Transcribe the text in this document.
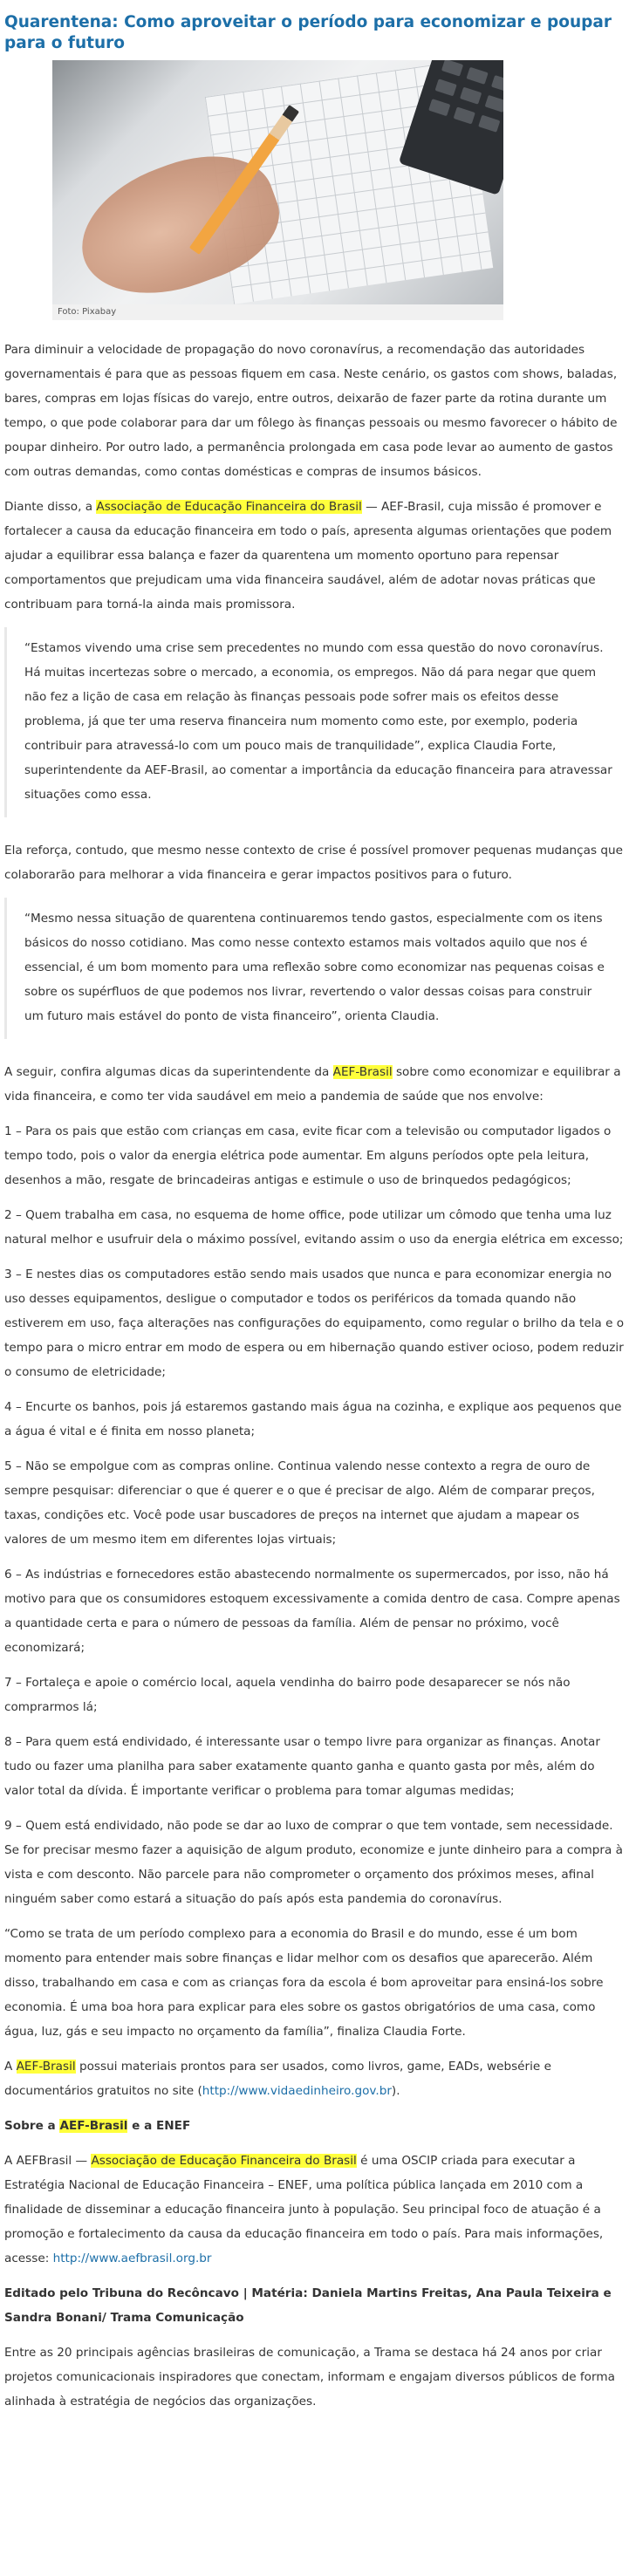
Quarentena: Como aproveitar o período para economizar e poupar para o futuro
Foto: Pixabay

Para diminuir a velocidade de propagação do novo coronavírus, a recomendação das autoridades governamentais é para que as pessoas fiquem em casa. Neste cenário, os gastos com shows, baladas, bares, compras em lojas físicas do varejo, entre outros, deixarão de fazer parte da rotina durante um tempo, o que pode colaborar para dar um fôlego às finanças pessoais ou mesmo favorecer o hábito de poupar dinheiro. Por outro lado, a permanência prolongada em casa pode levar ao aumento de gastos com outras demandas, como contas domésticas e compras de insumos básicos.

Diante disso, a Associação de Educação Financeira do Brasil — AEF-Brasil, cuja missão é promover e fortalecer a causa da educação financeira em todo o país, apresenta algumas orientações que podem ajudar a equilibrar essa balança e fazer da quarentena um momento oportuno para repensar comportamentos que prejudicam uma vida financeira saudável, além de adotar novas práticas que contribuam para torná-la ainda mais promissora.

“Estamos vivendo uma crise sem precedentes no mundo com essa questão do novo coronavírus. Há muitas incertezas sobre o mercado, a economia, os empregos. Não dá para negar que quem não fez a lição de casa em relação às finanças pessoais pode sofrer mais os efeitos desse problema, já que ter uma reserva financeira num momento como este, por exemplo, poderia contribuir para atravessá-lo com um pouco mais de tranquilidade”, explica Claudia Forte, superintendente da AEF-Brasil, ao comentar a importância da educação financeira para atravessar situações como essa.

Ela reforça, contudo, que mesmo nesse contexto de crise é possível promover pequenas mudanças que colaborarão para melhorar a vida financeira e gerar impactos positivos para o futuro.

“Mesmo nessa situação de quarentena continuaremos tendo gastos, especialmente com os itens básicos do nosso cotidiano. Mas como nesse contexto estamos mais voltados aquilo que nos é essencial, é um bom momento para uma reflexão sobre como economizar nas pequenas coisas e sobre os supérfluos de que podemos nos livrar, revertendo o valor dessas coisas para construir um futuro mais estável do ponto de vista financeiro”, orienta Claudia.

A seguir, confira algumas dicas da superintendente da AEF-Brasil sobre como economizar e equilibrar a vida financeira, e como ter vida saudável em meio a pandemia de saúde que nos envolve:

1 – Para os pais que estão com crianças em casa, evite ficar com a televisão ou computador ligados o tempo todo, pois o valor da energia elétrica pode aumentar. Em alguns períodos opte pela leitura, desenhos a mão, resgate de brincadeiras antigas e estimule o uso de brinquedos pedagógicos;

2 – Quem trabalha em casa, no esquema de home office, pode utilizar um cômodo que tenha uma luz natural melhor e usufruir dela o máximo possível, evitando assim o uso da energia elétrica em excesso;

3 – E nestes dias os computadores estão sendo mais usados que nunca e para economizar energia no uso desses equipamentos, desligue o computador e todos os periféricos da tomada quando não estiverem em uso, faça alterações nas configurações do equipamento, como regular o brilho da tela e o tempo para o micro entrar em modo de espera ou em hibernação quando estiver ocioso, podem reduzir o consumo de eletricidade;

4 – Encurte os banhos, pois já estaremos gastando mais água na cozinha, e explique aos pequenos que a água é vital e é finita em nosso planeta;

5 – Não se empolgue com as compras online. Continua valendo nesse contexto a regra de ouro de sempre pesquisar: diferenciar o que é querer e o que é precisar de algo. Além de comparar preços, taxas, condições etc. Você pode usar buscadores de preços na internet que ajudam a mapear os valores de um mesmo item em diferentes lojas virtuais;

6 – As indústrias e fornecedores estão abastecendo normalmente os supermercados, por isso, não há motivo para que os consumidores estoquem excessivamente a comida dentro de casa. Compre apenas a quantidade certa e para o número de pessoas da família. Além de pensar no próximo, você economizará;

7 – Fortaleça e apoie o comércio local, aquela vendinha do bairro pode desaparecer se nós não comprarmos lá;

8 – Para quem está endividado, é interessante usar o tempo livre para organizar as finanças. Anotar tudo ou fazer uma planilha para saber exatamente quanto ganha e quanto gasta por mês, além do valor total da dívida. É importante verificar o problema para tomar algumas medidas;

9 – Quem está endividado, não pode se dar ao luxo de comprar o que tem vontade, sem necessidade. Se for precisar mesmo fazer a aquisição de algum produto, economize e junte dinheiro para a compra à vista e com desconto. Não parcele para não comprometer o orçamento dos próximos meses, afinal ninguém saber como estará a situação do país após esta pandemia do coronavírus.

“Como se trata de um período complexo para a economia do Brasil e do mundo, esse é um bom momento para entender mais sobre finanças e lidar melhor com os desafios que aparecerão. Além disso, trabalhando em casa e com as crianças fora da escola é bom aproveitar para ensiná-los sobre economia. É uma boa hora para explicar para eles sobre os gastos obrigatórios de uma casa, como água, luz, gás e seu impacto no orçamento da família”, finaliza Claudia Forte.

A AEF-Brasil possui materiais prontos para ser usados, como livros, game, EADs, websérie e documentários gratuitos no site (http://www.vidaedinheiro.gov.br).

Sobre a AEF-Brasil e a ENEF

A AEFBrasil — Associação de Educação Financeira do Brasil é uma OSCIP criada para executar a Estratégia Nacional de Educação Financeira – ENEF, uma política pública lançada em 2010 com a finalidade de disseminar a educação financeira junto à população. Seu principal foco de atuação é a promoção e fortalecimento da causa da educação financeira em todo o país. Para mais informações, acesse: http://www.aefbrasil.org.br

Editado pelo Tribuna do Recôncavo | Matéria: Daniela Martins Freitas, Ana Paula Teixeira e Sandra Bonani/ Trama Comunicação

Entre as 20 principais agências brasileiras de comunicação, a Trama se destaca há 24 anos por criar projetos comunicacionais inspiradores que conectam, informam e engajam diversos públicos de forma alinhada à estratégia de negócios das organizações.
